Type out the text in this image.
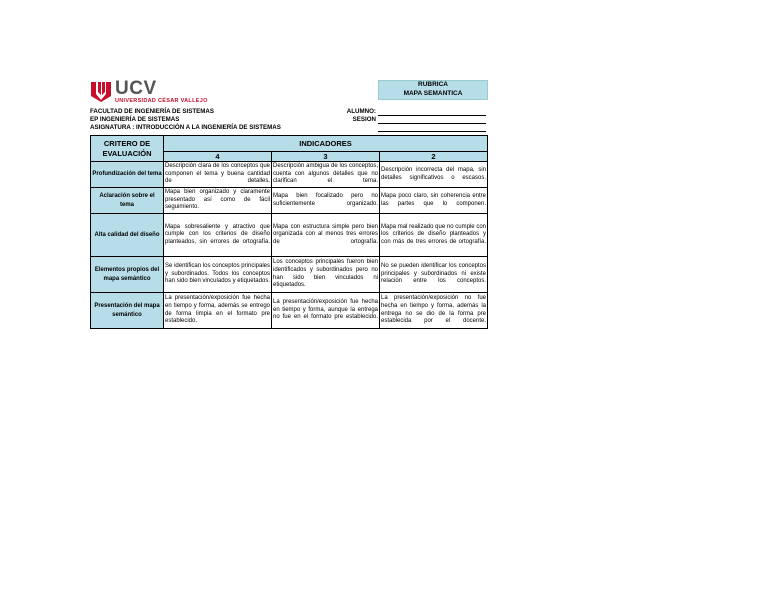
UCV
UNIVERSIDAD CÉSAR VALLEJO
RUBRICA
MAPA SEMANTICA
FACULTAD DE INGENIERÍA DE SISTEMAS
EP INGENIERÍA DE SISTEMAS
ASIGNATURA : INTRODUCCIÓN A LA INGENIERÍA DE SISTEMAS
ALUMNO:
SESION
CRITERO DE EVALUACIÓN	INDICADORES		
	4	3	2
Profundización del tema	Descripción clara de los conceptos que componen el tema y buena cantidad de detalles.	Descripción ambigua de los conceptos, cuenta con algunos detalles que no clarifican el tema.	Descripción incorrecta del mapa, sin detalles significativos o escasos.
Aclaración sobre el tema	Mapa bien organizado y claramente presentado así como de fácil seguimiento.	Mapa bien focalizado pero no suficientemente organizado.	Mapa poco claro, sin coherencia entre las partes que lo componen.
Alta calidad del diseño	Mapa sobresaliente y atractivo que cumple con los criterios de diseño planteados, sin errores de ortografía.	Mapa con estructura simple pero bien organizada con al menos tres errores de ortografía.	Mapa mal realizado que no cumple con los criterios de diseño planteados y con más de tres errores de ortografía.
Elementos propios del mapa semántico	Se identifican los conceptos principales y subordinados. Todos los conceptos han sido bien vinculados y etiquetados.	Los conceptos principales fueron bien identificados y subordinados pero no han sido bien vinculados ni etiquetados.	No se pueden identificar los conceptos principales y subordinados ni existe relación entre los conceptos.
Presentación del mapa semántico	La presentación/exposición fue hecha en tiempo y forma, además se entrego de forma limpia en el formato pre establecido.	La presentación/exposición fue hecha en tiempo y forma, aunque la entrega no fue en el formato pre establecido.	La presentación/exposición no fue hecha en tiempo y forma, además la entrega no se dio de la forma pre establecida por el docente.
